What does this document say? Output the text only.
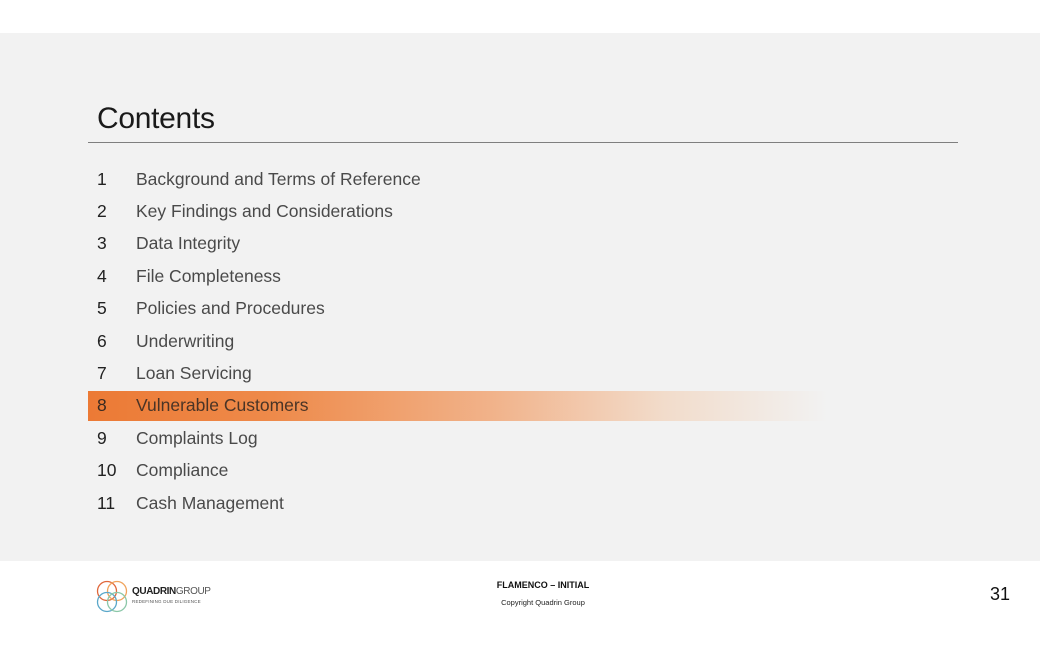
Contents
1	Background and Terms of Reference
2	Key Findings and Considerations
3	Data Integrity
4	File Completeness
5	Policies and Procedures
6	Underwriting
7	Loan Servicing
8	Vulnerable Customers
9	Complaints Log
10	Compliance
11	Cash Management
QUADRINGROUP
REDEFINING DUE DILIGENCE
FLAMENCO – INITIAL
Copyright Quadrin Group	31
